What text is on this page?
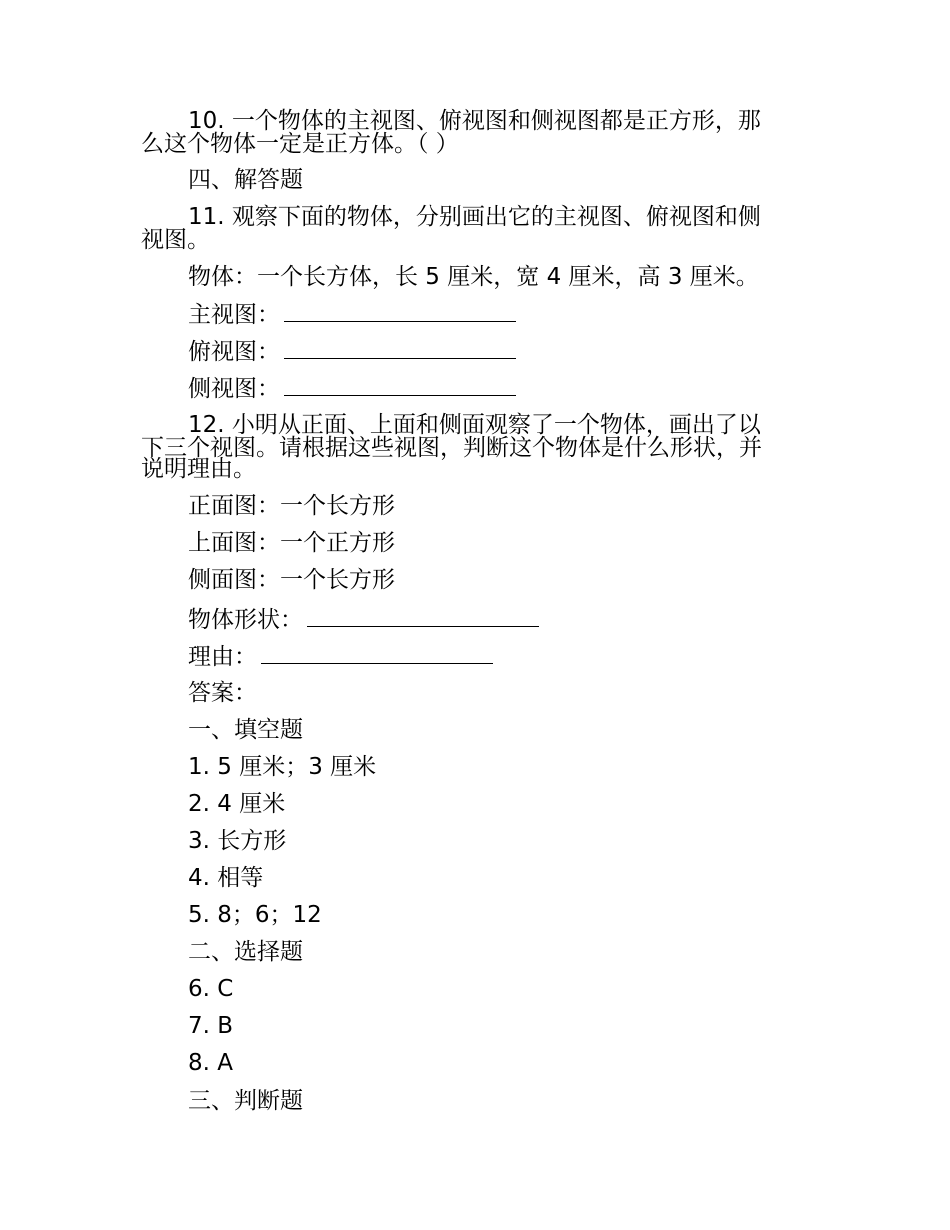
10. 一个物体的主视图、俯视图和侧视图都是正方形，那
么这个物体一定是正方体。（ ）
四、解答题
11. 观察下面的物体，分别画出它的主视图、俯视图和侧
视图。
物体：一个长方体，长 5 厘米，宽 4 厘米，高 3 厘米。
主视图：
俯视图：
侧视图：
12. 小明从正面、上面和侧面观察了一个物体，画出了以
下三个视图。请根据这些视图，判断这个物体是什么形状，并
说明理由。
正面图：一个长方形
上面图：一个正方形
侧面图：一个长方形
物体形状：
理由：
答案：
一、填空题
1. 5 厘米；3 厘米
2. 4 厘米
3. 长方形
4. 相等
5. 8；6；12
二、选择题
6. C
7. B
8. A
三、判断题
